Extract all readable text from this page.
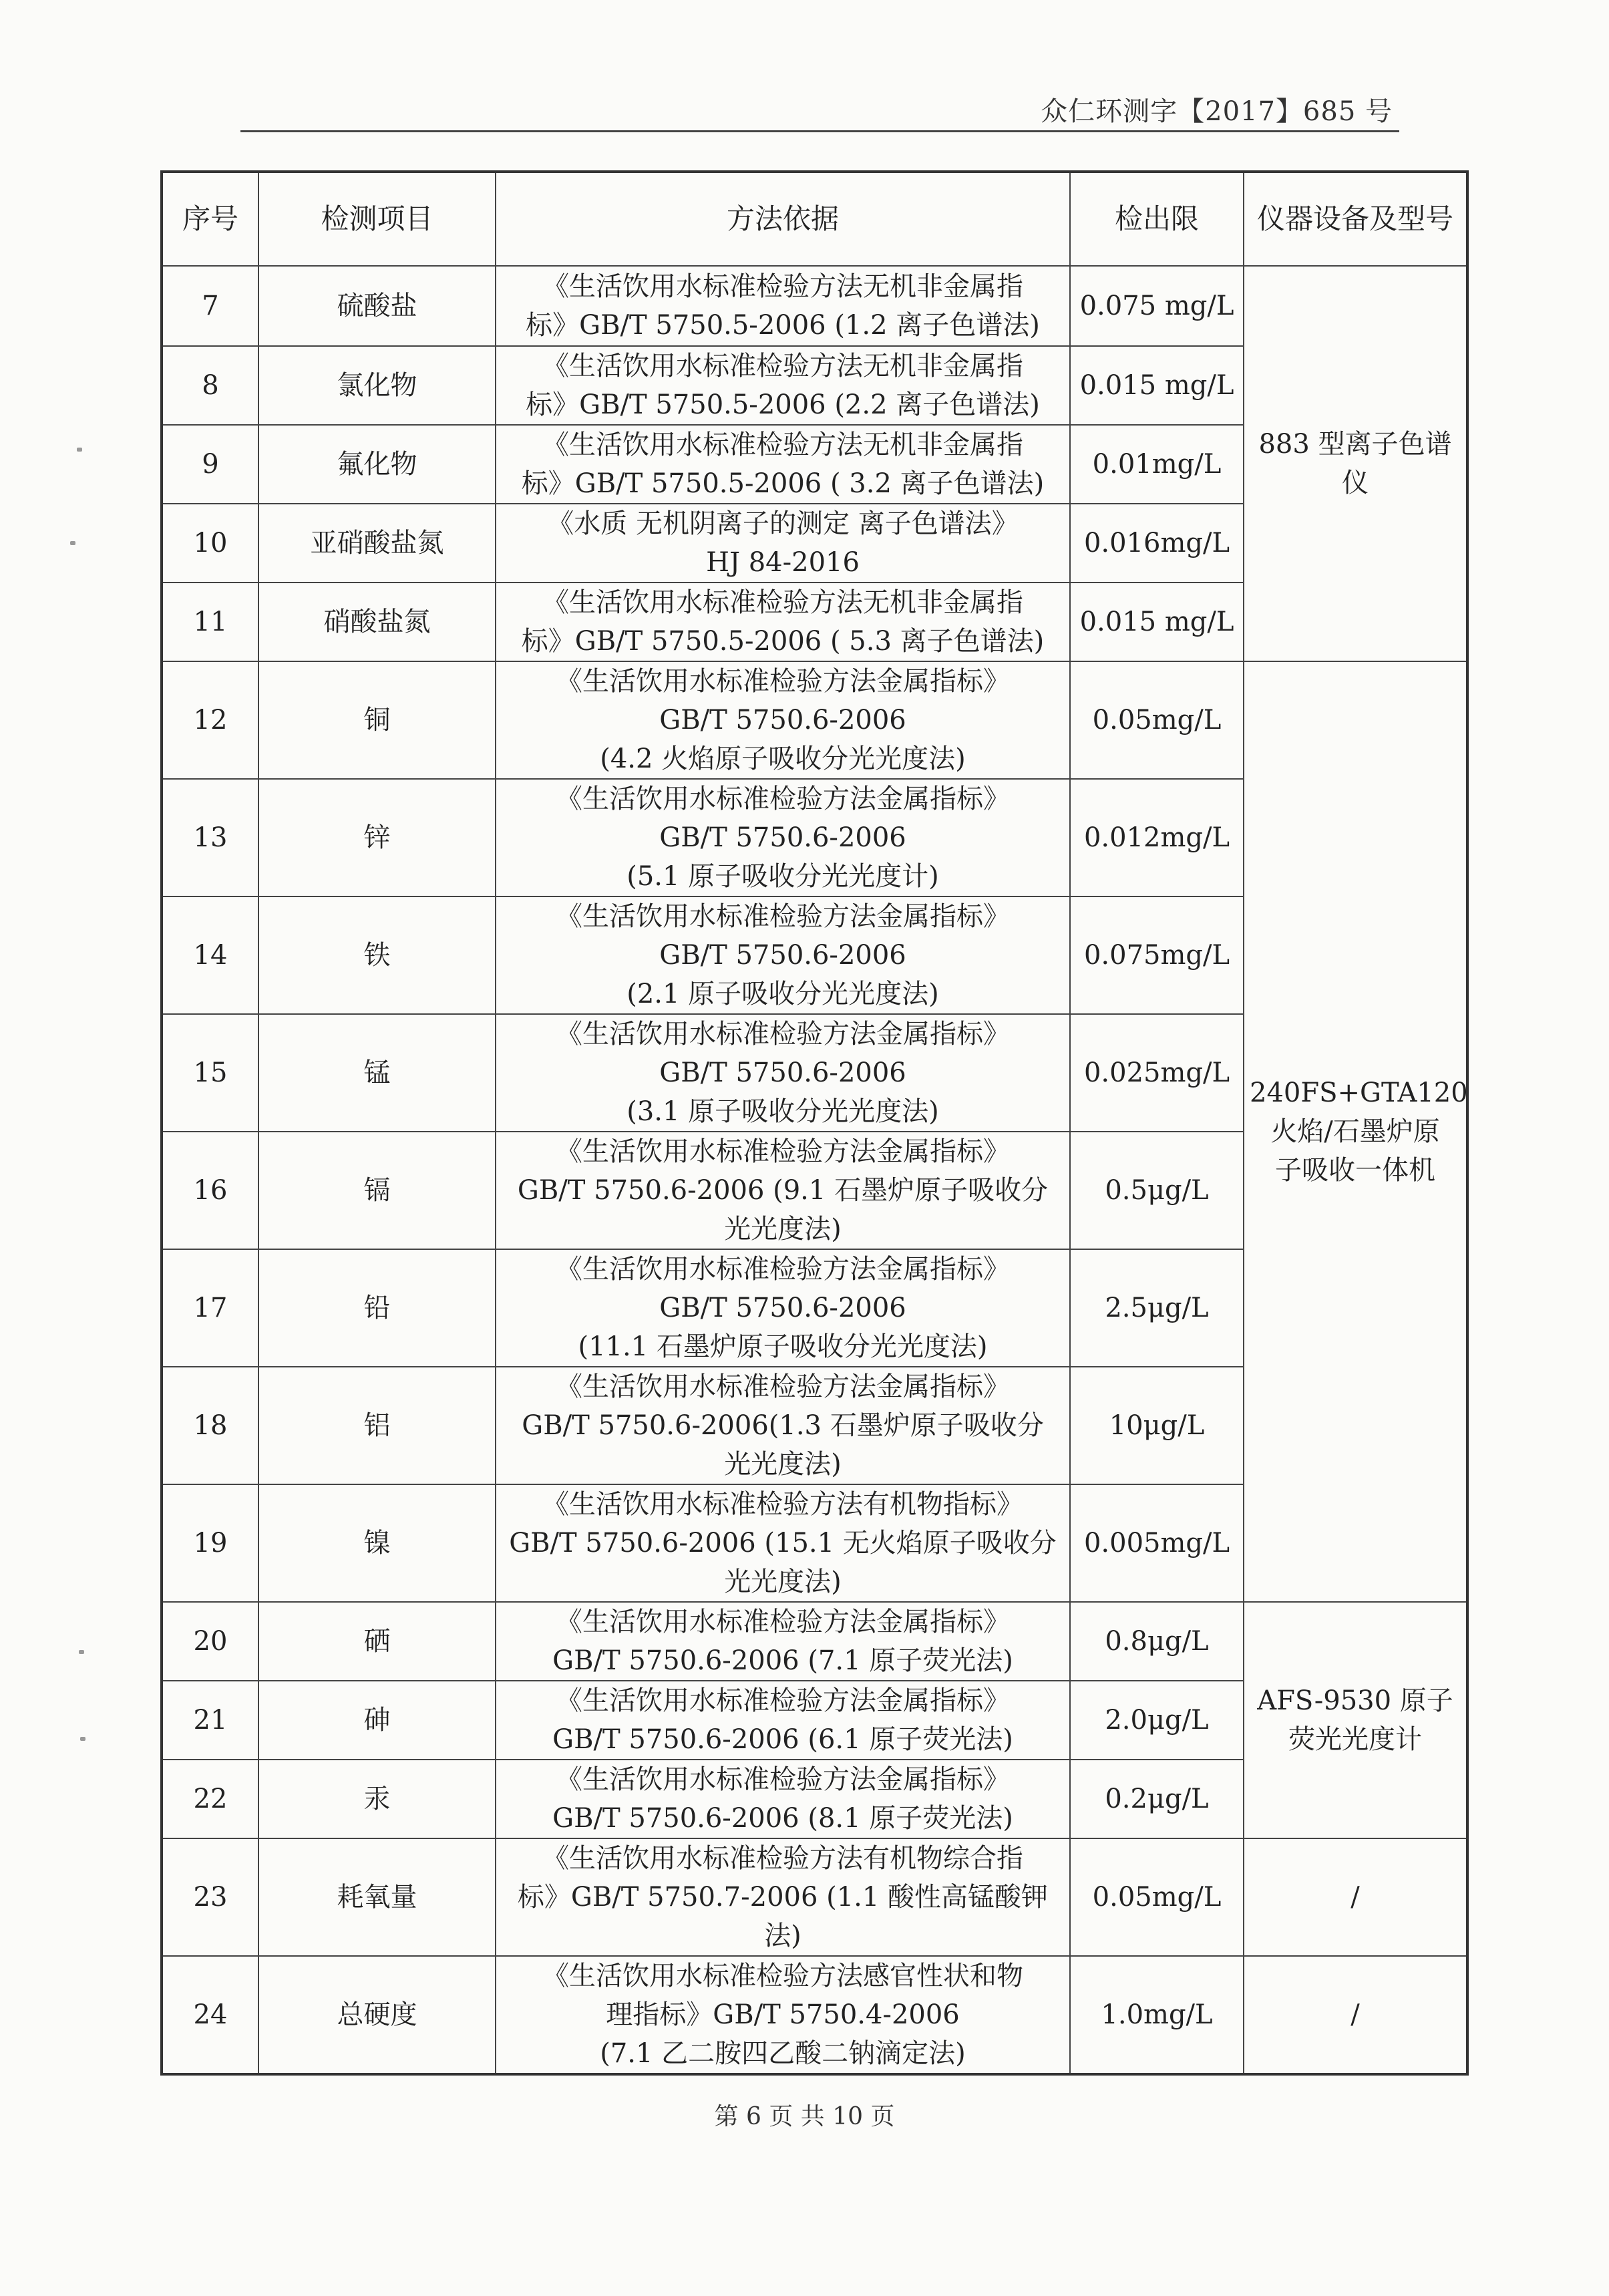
众仁环测字【2017】685 号
序号	检测项目	方法依据	检出限	仪器设备及型号
7	硫酸盐	《生活饮用水标准检验方法无机非金属指
标》GB/T 5750.5-2006 (1.2 离子色谱法)	0.075 mg/L	883 型离子色谱
仪

8	氯化物	《生活饮用水标准检验方法无机非金属指
标》GB/T 5750.5-2006 (2.2 离子色谱法)	0.015 mg/L	
9	氟化物	《生活饮用水标准检验方法无机非金属指
标》GB/T 5750.5-2006 ( 3.2 离子色谱法)	0.01mg/L	
10	亚硝酸盐氮	《水质 无机阴离子的测定 离子色谱法》
HJ 84-2016	0.016mg/L	
11	硝酸盐氮	《生活饮用水标准检验方法无机非金属指
标》GB/T 5750.5-2006 ( 5.3 离子色谱法)	0.015 mg/L	
12	铜	《生活饮用水标准检验方法金属指标》
GB/T 5750.6-2006
(4.2 火焰原子吸收分光光度法)	0.05mg/L	240FS+GTA120
火焰/石墨炉原
子吸收一体机

13	锌	《生活饮用水标准检验方法金属指标》
GB/T 5750.6-2006
(5.1 原子吸收分光光度计)	0.012mg/L	
14	铁	《生活饮用水标准检验方法金属指标》
GB/T 5750.6-2006
(2.1 原子吸收分光光度法)	0.075mg/L	
15	锰	《生活饮用水标准检验方法金属指标》
GB/T 5750.6-2006
(3.1 原子吸收分光光度法)	0.025mg/L	
16	镉	《生活饮用水标准检验方法金属指标》
GB/T 5750.6-2006 (9.1 石墨炉原子吸收分
光光度法)	0.5μg/L	
17	铅	《生活饮用水标准检验方法金属指标》
GB/T 5750.6-2006
(11.1 石墨炉原子吸收分光光度法)	2.5μg/L	
18	铝	《生活饮用水标准检验方法金属指标》
GB/T 5750.6-2006(1.3 石墨炉原子吸收分
光光度法)	10μg/L	
19	镍	《生活饮用水标准检验方法有机物指标》
GB/T 5750.6-2006 (15.1 无火焰原子吸收分
光光度法)	0.005mg/L	
20	硒	《生活饮用水标准检验方法金属指标》
GB/T 5750.6-2006 (7.1 原子荧光法)	0.8μg/L	AFS-9530 原子
荧光光度计

21	砷	《生活饮用水标准检验方法金属指标》
GB/T 5750.6-2006 (6.1 原子荧光法)	2.0μg/L	
22	汞	《生活饮用水标准检验方法金属指标》
GB/T 5750.6-2006 (8.1 原子荧光法)	0.2μg/L	
23	耗氧量	《生活饮用水标准检验方法有机物综合指
标》GB/T 5750.7-2006 (1.1 酸性高锰酸钾
法)	0.05mg/L	/

24	总硬度	《生活饮用水标准检验方法感官性状和物
理指标》GB/T 5750.4-2006
(7.1 乙二胺四乙酸二钠滴定法)	1.0mg/L	/
第 6 页 共 10 页
